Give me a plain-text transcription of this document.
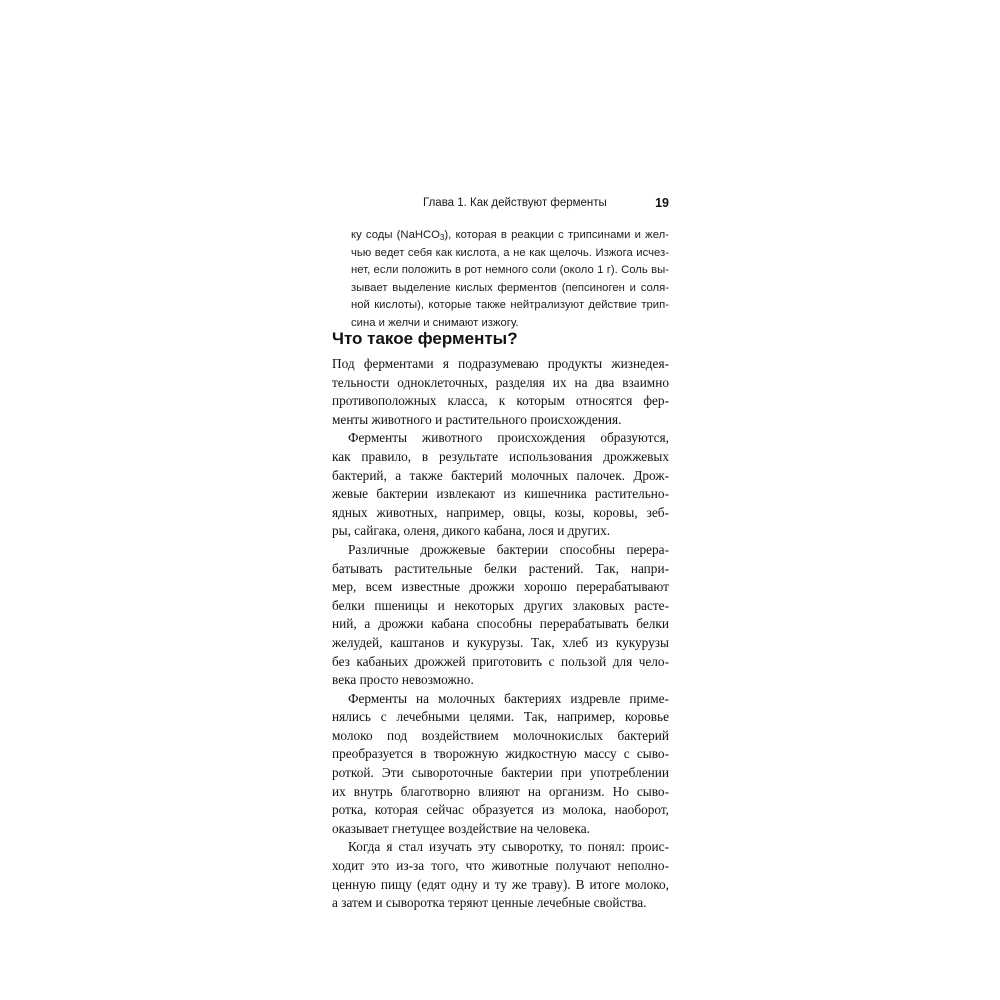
Глава 1. Как действуют ферменты	19
ку соды (NaHCO$_3$), которая в реакции с трипсинами и жел-
чью ведет себя как кислота, а не как щелочь. Изжога исчез-
нет, если положить в рот немного соли (около 1 г). Соль вы-
зывает выделение кислых ферментов (пепсиноген и соля-
ной кислоты), которые также нейтрализуют действие трип-
сина и желчи и снимают изжогу.
Что такое ферменты?
Под ферментами я подразумеваю продукты жизнедея-
тельности одноклеточных, разделяя их на два взаимно
противоположных класса, к которым относятся фер-
менты животного и растительного происхождения.
Ферменты животного происхождения образуются,
как правило, в результате использования дрожжевых
бактерий, а также бактерий молочных палочек. Дрож-
жевые бактерии извлекают из кишечника растительно-
ядных животных, например, овцы, козы, коровы, зеб-
ры, сайгака, оленя, дикого кабана, лося и других.
Различные дрожжевые бактерии способны перера-
батывать растительные белки растений. Так, напри-
мер, всем известные дрожжи хорошо перерабатывают
белки пшеницы и некоторых других злаковых расте-
ний, а дрожжи кабана способны перерабатывать белки
желудей, каштанов и кукурузы. Так, хлеб из кукурузы
без кабаньих дрожжей приготовить с пользой для чело-
века просто невозможно.
Ферменты на молочных бактериях издревле приме-
нялись с лечебными целями. Так, например, коровье
молоко под воздействием молочнокислых бактерий
преобразуется в творожную жидкостную массу с сыво-
роткой. Эти сывороточные бактерии при употреблении
их внутрь благотворно влияют на организм. Но сыво-
ротка, которая сейчас образуется из молока, наоборот,
оказывает гнетущее воздействие на человека.
Когда я стал изучать эту сыворотку, то понял: проис-
ходит это из-за того, что животные получают неполно-
ценную пищу (едят одну и ту же траву). В итоге молоко,
а затем и сыворотка теряют ценные лечебные свойства.
